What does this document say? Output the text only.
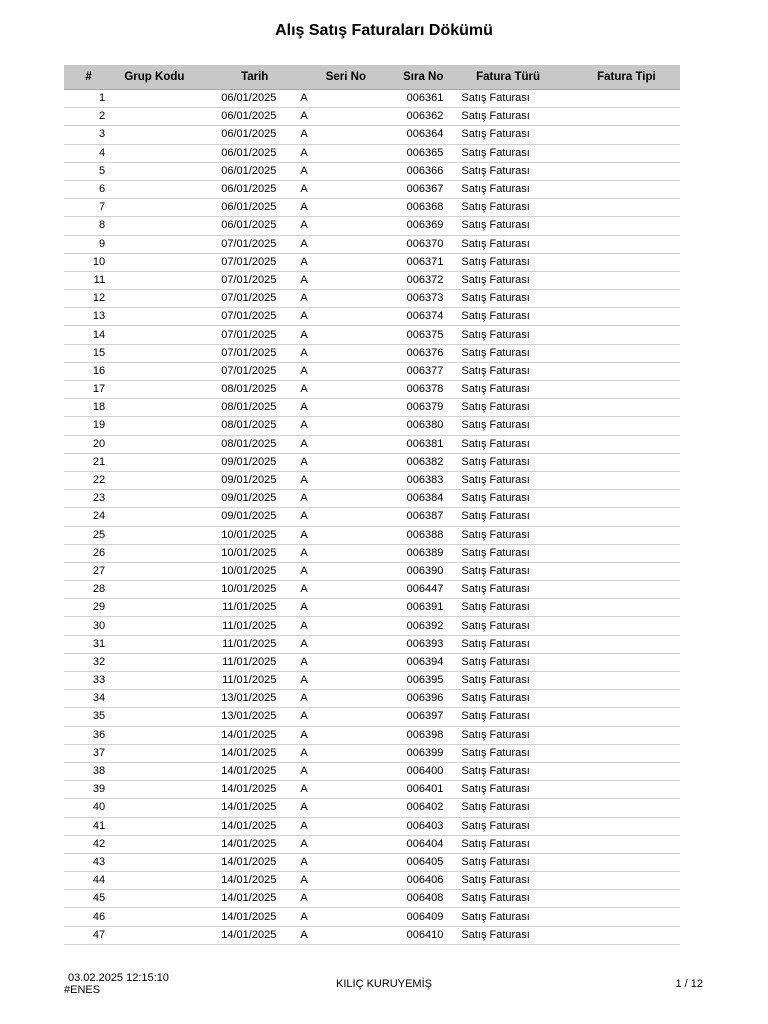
Alış Satış Faturaları Dökümü
#	Grup Kodu	Tarih	Seri No	Sıra No	Fatura Türü	Fatura Tipi
1		06/01/2025	A	006361	Satış Faturası	
2		06/01/2025	A	006362	Satış Faturası	
3		06/01/2025	A	006364	Satış Faturası	
4		06/01/2025	A	006365	Satış Faturası	
5		06/01/2025	A	006366	Satış Faturası	
6		06/01/2025	A	006367	Satış Faturası	
7		06/01/2025	A	006368	Satış Faturası	
8		06/01/2025	A	006369	Satış Faturası	
9		07/01/2025	A	006370	Satış Faturası	
10		07/01/2025	A	006371	Satış Faturası	
11		07/01/2025	A	006372	Satış Faturası	
12		07/01/2025	A	006373	Satış Faturası	
13		07/01/2025	A	006374	Satış Faturası	
14		07/01/2025	A	006375	Satış Faturası	
15		07/01/2025	A	006376	Satış Faturası	
16		07/01/2025	A	006377	Satış Faturası	
17		08/01/2025	A	006378	Satış Faturası	
18		08/01/2025	A	006379	Satış Faturası	
19		08/01/2025	A	006380	Satış Faturası	
20		08/01/2025	A	006381	Satış Faturası	
21		09/01/2025	A	006382	Satış Faturası	
22		09/01/2025	A	006383	Satış Faturası	
23		09/01/2025	A	006384	Satış Faturası	
24		09/01/2025	A	006387	Satış Faturası	
25		10/01/2025	A	006388	Satış Faturası	
26		10/01/2025	A	006389	Satış Faturası	
27		10/01/2025	A	006390	Satış Faturası	
28		10/01/2025	A	006447	Satış Faturası	
29		11/01/2025	A	006391	Satış Faturası	
30		11/01/2025	A	006392	Satış Faturası	
31		11/01/2025	A	006393	Satış Faturası	
32		11/01/2025	A	006394	Satış Faturası	
33		11/01/2025	A	006395	Satış Faturası	
34		13/01/2025	A	006396	Satış Faturası	
35		13/01/2025	A	006397	Satış Faturası	
36		14/01/2025	A	006398	Satış Faturası	
37		14/01/2025	A	006399	Satış Faturası	
38		14/01/2025	A	006400	Satış Faturası	
39		14/01/2025	A	006401	Satış Faturası	
40		14/01/2025	A	006402	Satış Faturası	
41		14/01/2025	A	006403	Satış Faturası	
42		14/01/2025	A	006404	Satış Faturası	
43		14/01/2025	A	006405	Satış Faturası	
44		14/01/2025	A	006406	Satış Faturası	
45		14/01/2025	A	006408	Satış Faturası	
46		14/01/2025	A	006409	Satış Faturası	
47		14/01/2025	A	006410	Satış Faturası	
03.02.2025 12:15:10
#ENES	KILIÇ KURUYEMİŞ	1 / 12
